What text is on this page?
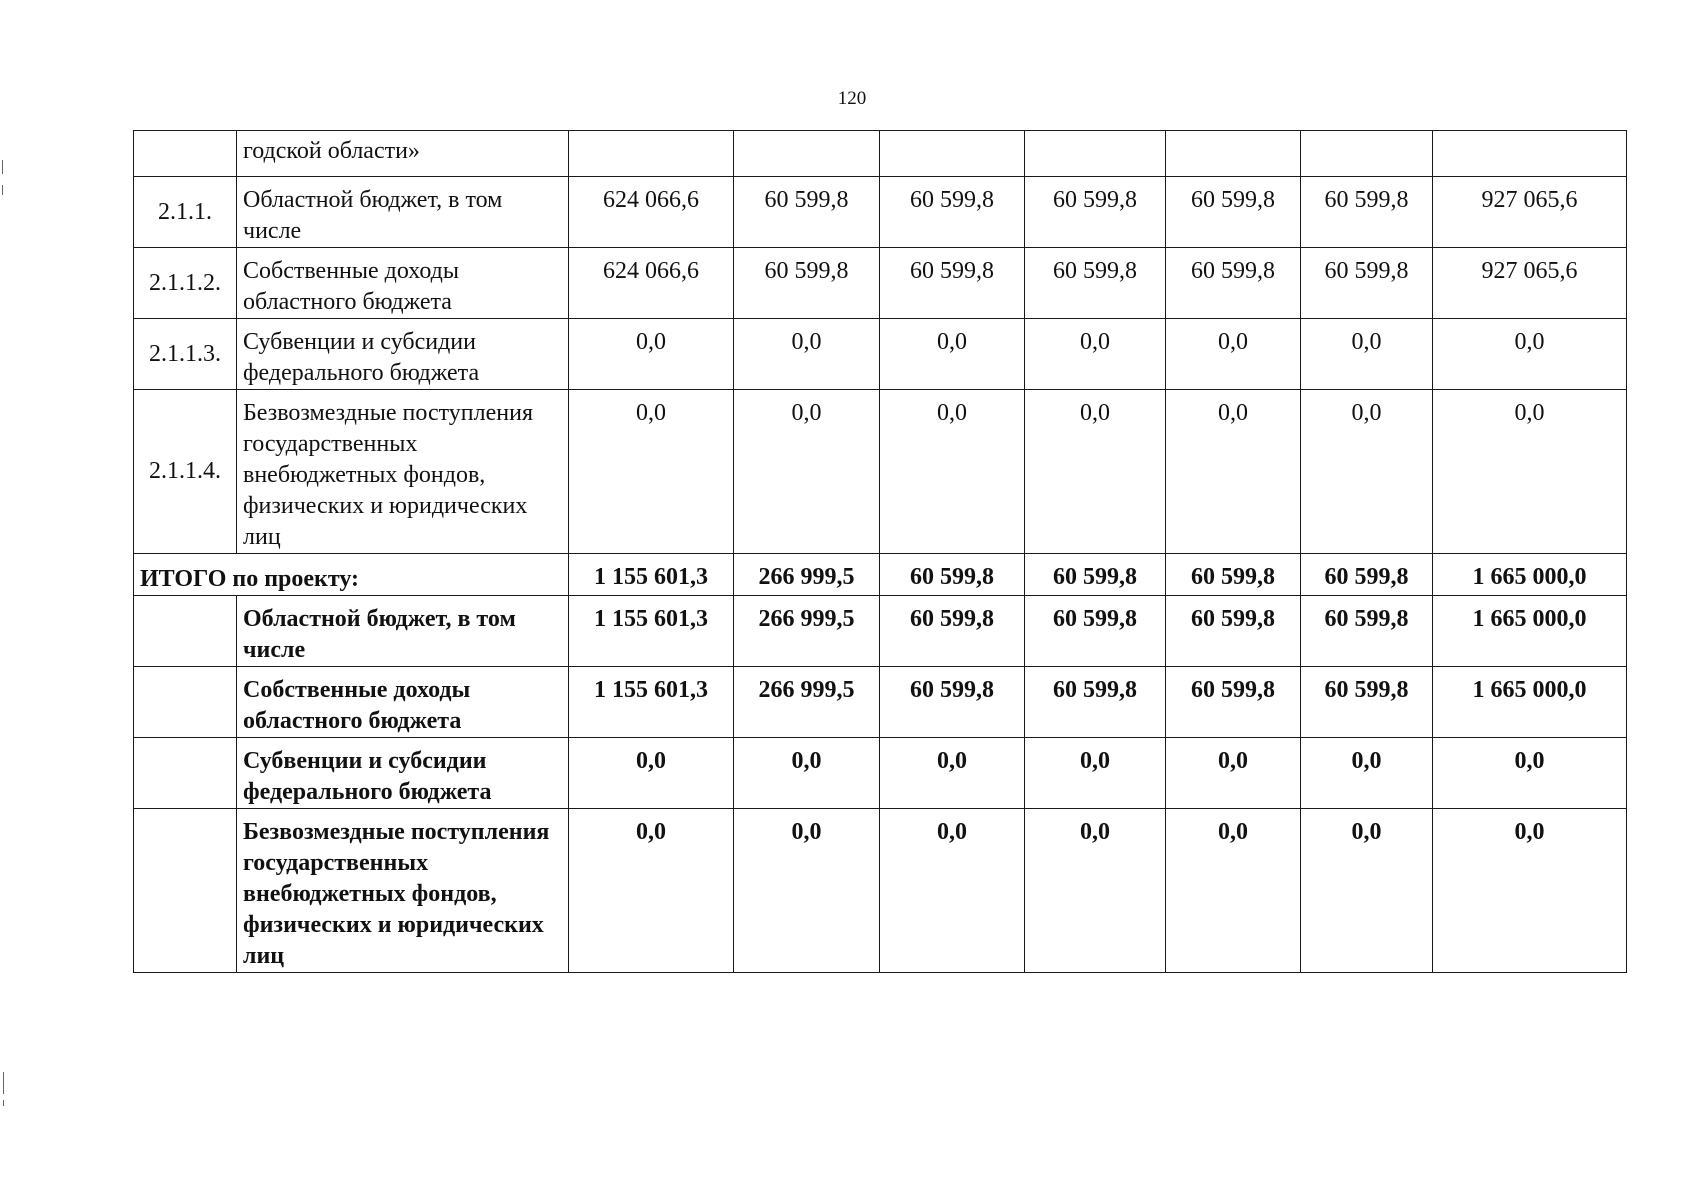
120
	годской области»							
2.1.1.	Областной бюджет, в том числе	624 066,6	60 599,8	60 599,8	60 599,8	60 599,8	60 599,8	927 065,6
2.1.1.2.	Собственные доходы областного бюджета	624 066,6	60 599,8	60 599,8	60 599,8	60 599,8	60 599,8	927 065,6
2.1.1.3.	Субвенции и субсидии федерального бюджета	0,0	0,0	0,0	0,0	0,0	0,0	0,0
2.1.1.4.	Безвозмездные поступления государственных внебюджетных фондов, физических и юридических лиц	0,0	0,0	0,0	0,0	0,0	0,0	0,0
ИТОГО по проекту:		1 155 601,3	266 999,5	60 599,8	60 599,8	60 599,8	60 599,8	1 665 000,0
	Областной бюджет, в том числе	1 155 601,3	266 999,5	60 599,8	60 599,8	60 599,8	60 599,8	1 665 000,0
	Собственные доходы областного бюджета	1 155 601,3	266 999,5	60 599,8	60 599,8	60 599,8	60 599,8	1 665 000,0
	Субвенции и субсидии федерального бюджета	0,0	0,0	0,0	0,0	0,0	0,0	0,0
	Безвозмездные поступления государственных внебюджетных фондов, физических и юридических лиц	0,0	0,0	0,0	0,0	0,0	0,0	0,0
